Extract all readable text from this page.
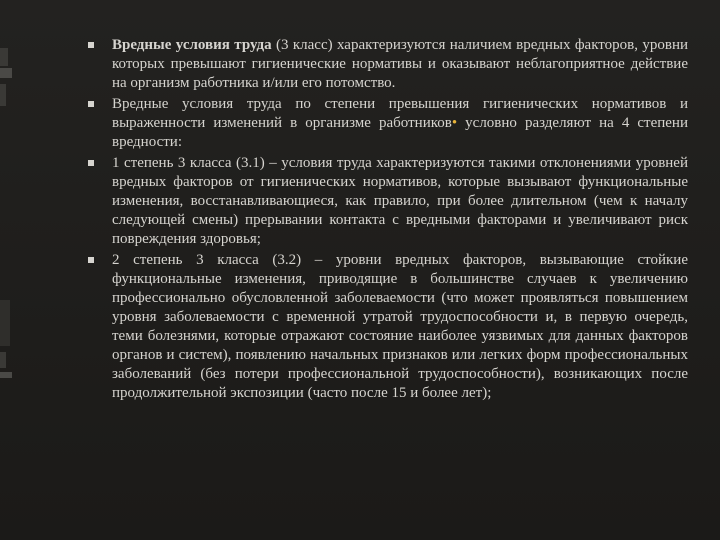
Вредные условия труда (3 класс) характеризуются наличием вредных факторов, уровни которых превышают гигиенические нормативы и оказывают неблагоприятное действие на организм работника и/или его потомство.
Вредные условия труда по степени превышения гигиенических нормативов и выраженности изменений в организме работников• условно разделяют на 4 степени вредности:
1 степень 3 класса (3.1) – условия труда характеризуются такими отклонениями уровней вредных факторов от гигиенических нормативов, которые вызывают функциональные изменения, восстанавливающиеся, как правило, при более длительном (чем к началу следующей смены) прерывании контакта с вредными факторами и увеличивают риск повреждения здоровья;
2 степень 3 класса (3.2) – уровни вредных факторов, вызывающие стойкие функциональные изменения, приводящие в большинстве случаев к увеличению профессионально обусловленной заболеваемости (что может проявляться повышением уровня заболеваемости с временной утратой трудоспособности и, в первую очередь, теми болезнями, которые отражают состояние наиболее уязвимых для данных факторов органов и систем), появлению начальных признаков или легких форм профессиональных заболеваний (без потери профессиональной трудоспособности), возникающих после продолжительной экспозиции (часто после 15 и более лет);
